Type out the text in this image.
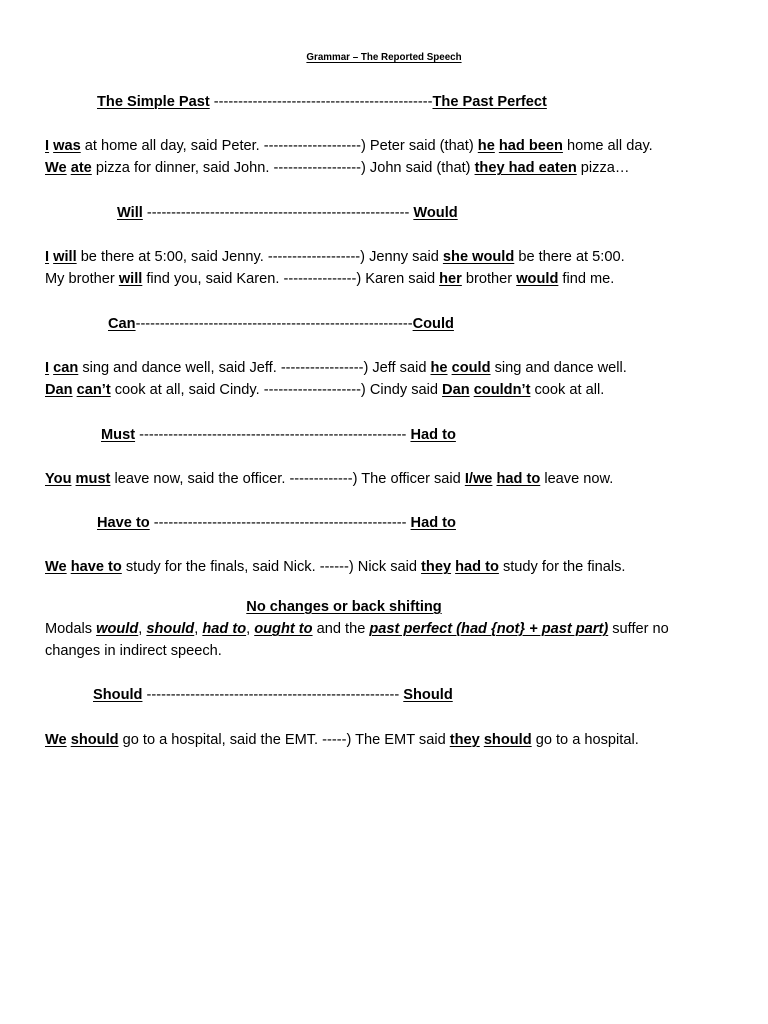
Grammar – The Reported Speech
The Simple Past ---------------------------------------------The Past Perfect
I was at home all day, said Peter. --------------------) Peter said (that) he had been home all day.
We ate pizza for dinner, said John. ------------------) John said (that) they had eaten pizza…
Will ------------------------------------------------------ Would
I will be there at 5:00, said Jenny. -------------------) Jenny said she would be there at 5:00.
My brother will find you, said Karen. ---------------) Karen said her brother would find me.
Can---------------------------------------------------------Could
I can sing and dance well, said Jeff. -----------------) Jeff said he could sing and dance well.
Dan can’t cook at all, said Cindy. --------------------) Cindy said Dan couldn’t cook at all.
Must ------------------------------------------------------- Had to
You must leave now, said the officer. -------------) The officer said I/we had to leave now.
Have to ---------------------------------------------------- Had to
We have to study for the finals, said Nick. ------) Nick said they had to study for the finals.
No changes or back shifting
Modals would, should, had to, ought to and the past perfect (had {not} + past part) suffer no
changes in indirect speech.
Should ---------------------------------------------------- Should
We should go to a hospital, said the EMT. -----) The EMT said they should go to a hospital.
